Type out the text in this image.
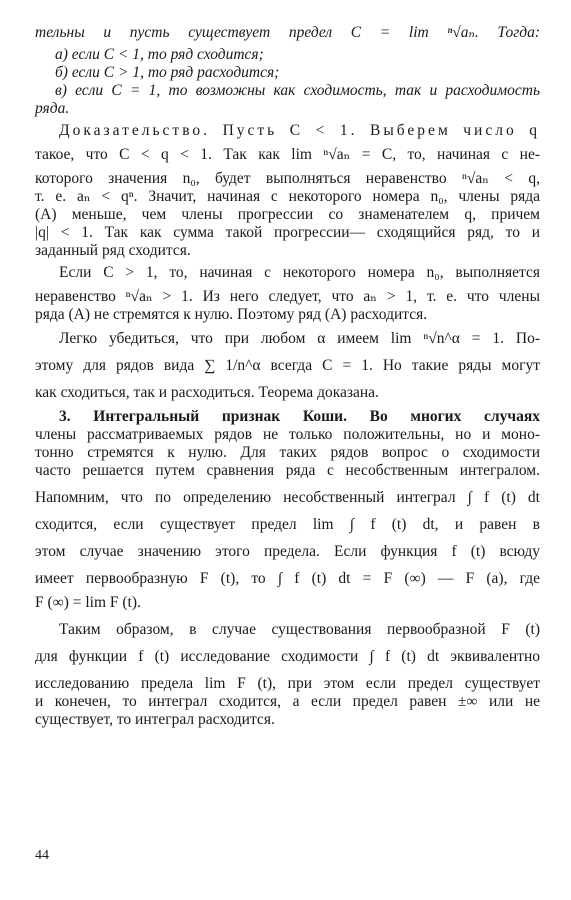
тельны и пусть существует предел C = lim ⁿ√aₙ. Тогда:
а) если C < 1, то ряд сходится;
б) если C > 1, то ряд расходится;
в) если C = 1, то возможны как сходимость, так и расходимость
ряда.
Доказательство. Пусть C < 1. Выберем число q
такое, что C < q < 1. Так как lim ⁿ√aₙ = C, то, начиная с не-
которого значения n₀, будет выполняться неравенство ⁿ√aₙ < q,
т. е. aₙ < qⁿ. Значит, начиная с некоторого номера n₀, члены ряда
(А) меньше, чем члены прогрессии со знаменателем q, причем
|q| < 1. Так как сумма такой прогрессии— сходящийся ряд, то и
заданный ряд сходится.
Если C > 1, то, начиная с некоторого номера n₀, выполняется
неравенство ⁿ√aₙ > 1. Из него следует, что aₙ > 1, т. е. что члены
ряда (А) не стремятся к нулю. Поэтому ряд (А) расходится.
Легко убедиться, что при любом α имеем lim ⁿ√n^α = 1. По-
этому для рядов вида ∑ 1/n^α всегда C = 1. Но такие ряды могут
как сходиться, так и расходиться. Теорема доказана.
3. Интегральный признак Коши. Во многих случаях
члены рассматриваемых рядов не только положительны, но и моно-
тонно стремятся к нулю. Для таких рядов вопрос о сходимости
часто решается путем сравнения ряда с несобственным интегралом.
Напомним, что по определению несобственный интеграл ∫ f (t) dt
сходится, если существует предел lim ∫ f (t) dt, и равен в
этом случае значению этого предела. Если функция f (t) всюду
имеет первообразную F (t), то ∫ f (t) dt = F (∞) — F (a), где
F (∞) = lim F (t).
Таким образом, в случае существования первообразной F (t)
для функции f (t) исследование сходимости ∫ f (t) dt эквивалентно
исследованию предела lim F (t), при этом если предел существует
и конечен, то интеграл сходится, а если предел равен ±∞ или не
существует, то интеграл расходится.
44
